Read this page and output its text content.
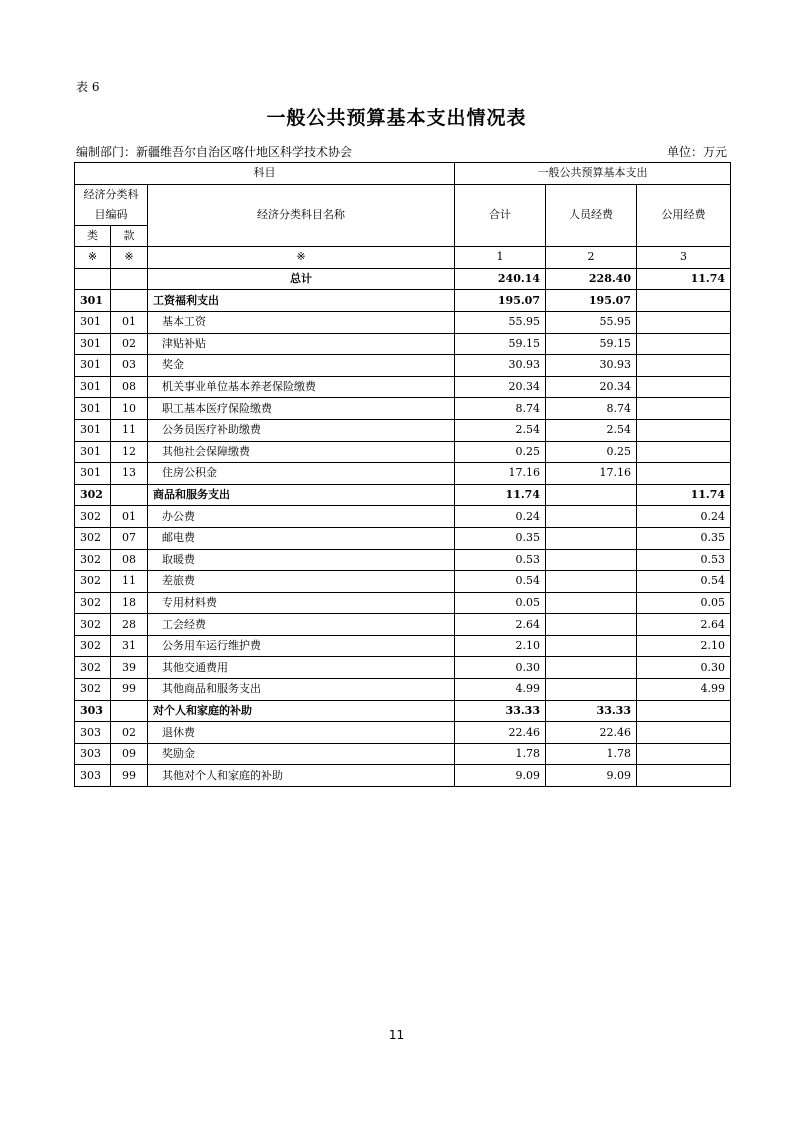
表 6
一般公共预算基本支出情况表
编制部门：新疆维吾尔自治区喀什地区科学技术协会	单位：万元
科目			一般公共预算基本支出		

经济分类科
目编码		经济分类科目名称	合计	人员经费	公用经费
类	款				
※	※	※	1	2	3
		总计	240.14	228.40	11.74
301		工资福利支出	195.07	195.07	
301	01	基本工资	55.95	55.95	
301	02	津贴补贴	59.15	59.15	
301	03	奖金	30.93	30.93	
301	08	机关事业单位基本养老保险缴费	20.34	20.34	
301	10	职工基本医疗保险缴费	8.74	8.74	
301	11	公务员医疗补助缴费	2.54	2.54	
301	12	其他社会保障缴费	0.25	0.25	
301	13	住房公积金	17.16	17.16	
302		商品和服务支出	11.74		11.74
302	01	办公费	0.24		0.24
302	07	邮电费	0.35		0.35
302	08	取暖费	0.53		0.53
302	11	差旅费	0.54		0.54
302	18	专用材料费	0.05		0.05
302	28	工会经费	2.64		2.64
302	31	公务用车运行维护费	2.10		2.10
302	39	其他交通费用	0.30		0.30
302	99	其他商品和服务支出	4.99		4.99
303		对个人和家庭的补助	33.33	33.33	
303	02	退休费	22.46	22.46	
303	09	奖励金	1.78	1.78	
303	99	其他对个人和家庭的补助	9.09	9.09	
11
